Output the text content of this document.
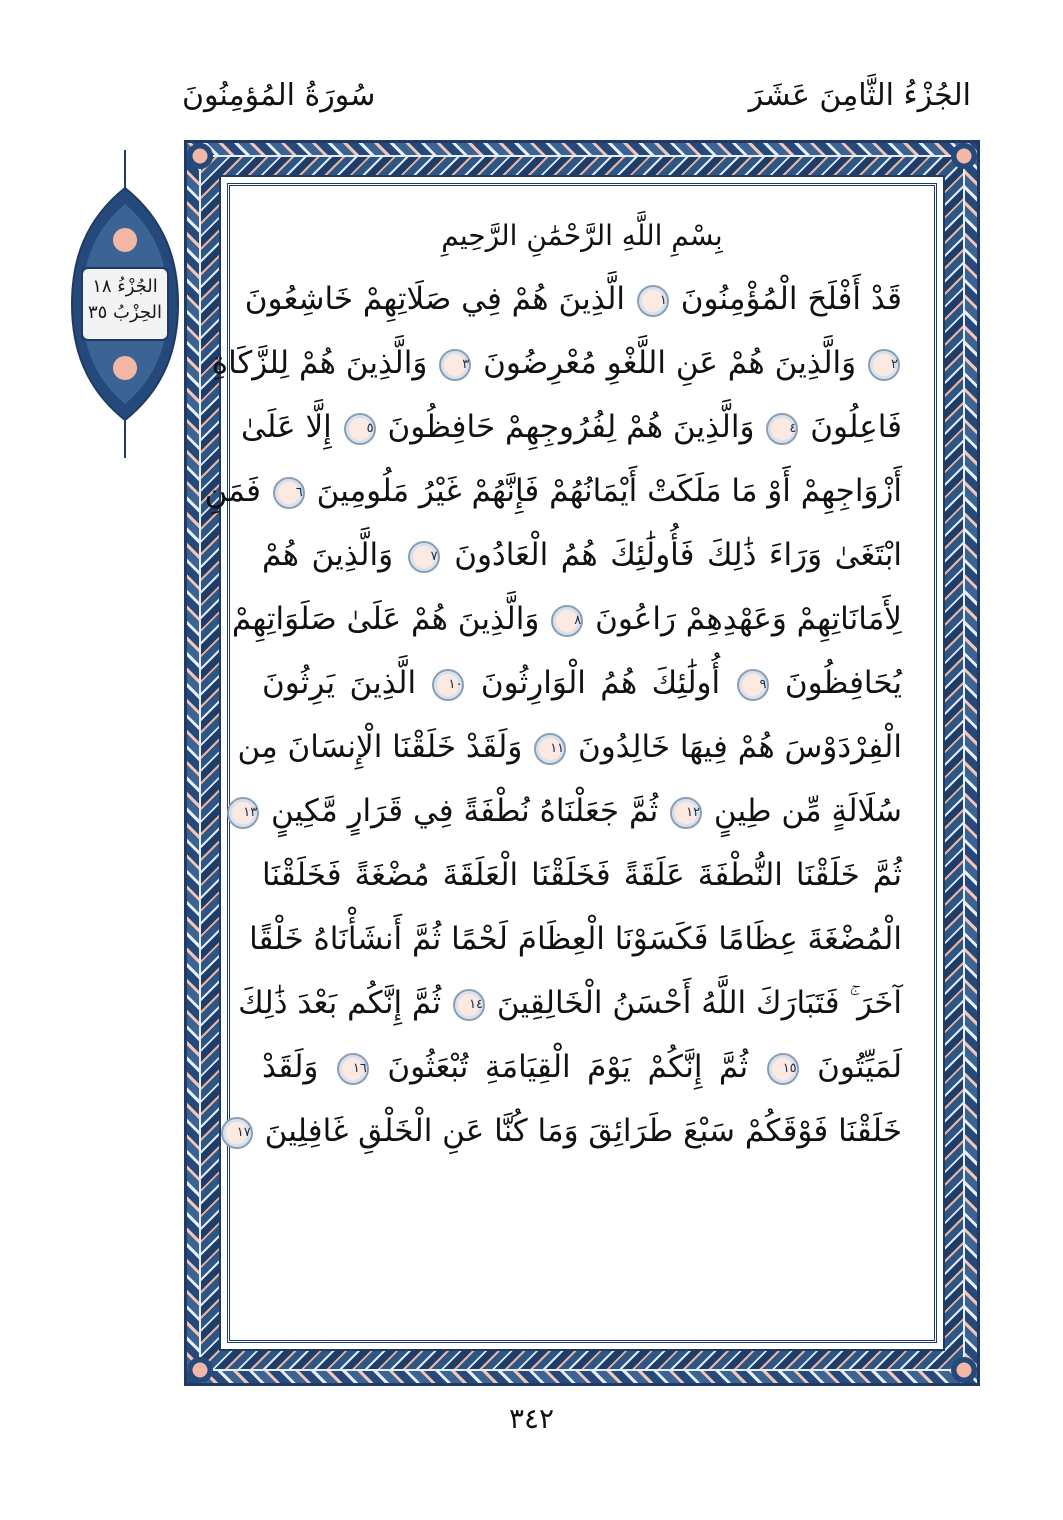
الجُزْءُ الثَّامِنَ عَشَرَ
سُورَةُ المُؤمِنُونَ
الجُزْءُ ١٨
الحِزْبُ ٣٥
بِسْمِ اللَّهِ الرَّحْمَٰنِ الرَّحِيمِ
قَدْ أَفْلَحَ الْمُؤْمِنُونَ ١ الَّذِينَ هُمْ فِي صَلَاتِهِمْ خَاشِعُونَ
٢ وَالَّذِينَ هُمْ عَنِ اللَّغْوِ مُعْرِضُونَ ٣ وَالَّذِينَ هُمْ لِلزَّكَاةِ
فَاعِلُونَ ٤ وَالَّذِينَ هُمْ لِفُرُوجِهِمْ حَافِظُونَ ٥ إِلَّا عَلَىٰ
أَزْوَاجِهِمْ أَوْ مَا مَلَكَتْ أَيْمَانُهُمْ فَإِنَّهُمْ غَيْرُ مَلُومِينَ ٦ فَمَنِ
ابْتَغَىٰ وَرَاءَ ذَٰلِكَ فَأُولَٰئِكَ هُمُ الْعَادُونَ ٧ وَالَّذِينَ هُمْ
لِأَمَانَاتِهِمْ وَعَهْدِهِمْ رَاعُونَ ٨ وَالَّذِينَ هُمْ عَلَىٰ صَلَوَاتِهِمْ
يُحَافِظُونَ ٩ أُولَٰئِكَ هُمُ الْوَارِثُونَ ١٠ الَّذِينَ يَرِثُونَ
الْفِرْدَوْسَ هُمْ فِيهَا خَالِدُونَ ١١ وَلَقَدْ خَلَقْنَا الْإِنسَانَ مِن
سُلَالَةٍ مِّن طِينٍ ١٢ ثُمَّ جَعَلْنَاهُ نُطْفَةً فِي قَرَارٍ مَّكِينٍ ١٣
ثُمَّ خَلَقْنَا النُّطْفَةَ عَلَقَةً فَخَلَقْنَا الْعَلَقَةَ مُضْغَةً فَخَلَقْنَا
الْمُضْغَةَ عِظَامًا فَكَسَوْنَا الْعِظَامَ لَحْمًا ثُمَّ أَنشَأْنَاهُ خَلْقًا
آخَرَ ۚ فَتَبَارَكَ اللَّهُ أَحْسَنُ الْخَالِقِينَ ١٤ ثُمَّ إِنَّكُم بَعْدَ ذَٰلِكَ
لَمَيِّتُونَ ١٥ ثُمَّ إِنَّكُمْ يَوْمَ الْقِيَامَةِ تُبْعَثُونَ ١٦ وَلَقَدْ
خَلَقْنَا فَوْقَكُمْ سَبْعَ طَرَائِقَ وَمَا كُنَّا عَنِ الْخَلْقِ غَافِلِينَ ١٧
٣٤٢
